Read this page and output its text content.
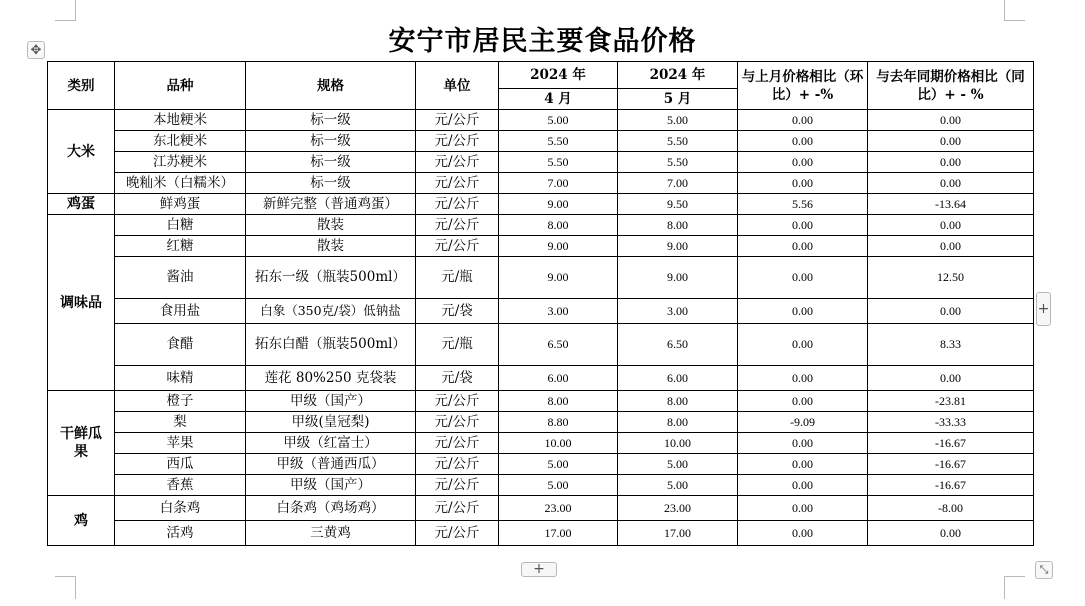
安宁市居民主要食品价格
✥
类别	品种	规格	单位	2024 年	2024 年	与上月价格相比（环比）+ -%	与去年同期价格相比（同比）+ - %
				4 月	5 月		
大米	本地粳米	标一级	元/公斤	5.00	5.00	0.00	0.00
	东北粳米	标一级	元/公斤	5.50	5.50	0.00	0.00
	江苏粳米	标一级	元/公斤	5.50	5.50	0.00	0.00
	晚籼米（白糯米）	标一级	元/公斤	7.00	7.00	0.00	0.00
鸡蛋	鲜鸡蛋	新鲜完整（普通鸡蛋）	元/公斤	9.00	9.50	5.56	-13.64
调味品	白糖	散装	元/公斤	8.00	8.00	0.00	0.00
	红糖	散装	元/公斤	9.00	9.00	0.00	0.00
	酱油	拓东一级（瓶装500ml）	元/瓶	9.00	9.00	0.00	12.50
	食用盐	白象（350克/袋）低钠盐	元/袋	3.00	3.00	0.00	0.00
	食醋	拓东白醋（瓶装500ml）	元/瓶	6.50	6.50	0.00	8.33
	味精	莲花 80%250 克袋装	元/袋	6.00	6.00	0.00	0.00
干鲜瓜果	橙子	甲级（国产）	元/公斤	8.00	8.00	0.00	-23.81
	梨	甲级(皇冠梨)	元/公斤	8.80	8.00	-9.09	-33.33
	苹果	甲级（红富士）	元/公斤	10.00	10.00	0.00	-16.67
	西瓜	甲级（普通西瓜）	元/公斤	5.00	5.00	0.00	-16.67
	香蕉	甲级（国产）	元/公斤	5.00	5.00	0.00	-16.67
鸡	白条鸡	白条鸡（鸡场鸡）	元/公斤	23.00	23.00	0.00	-8.00
	活鸡	三黄鸡	元/公斤	17.00	17.00	0.00	0.00
+
+	⤡
